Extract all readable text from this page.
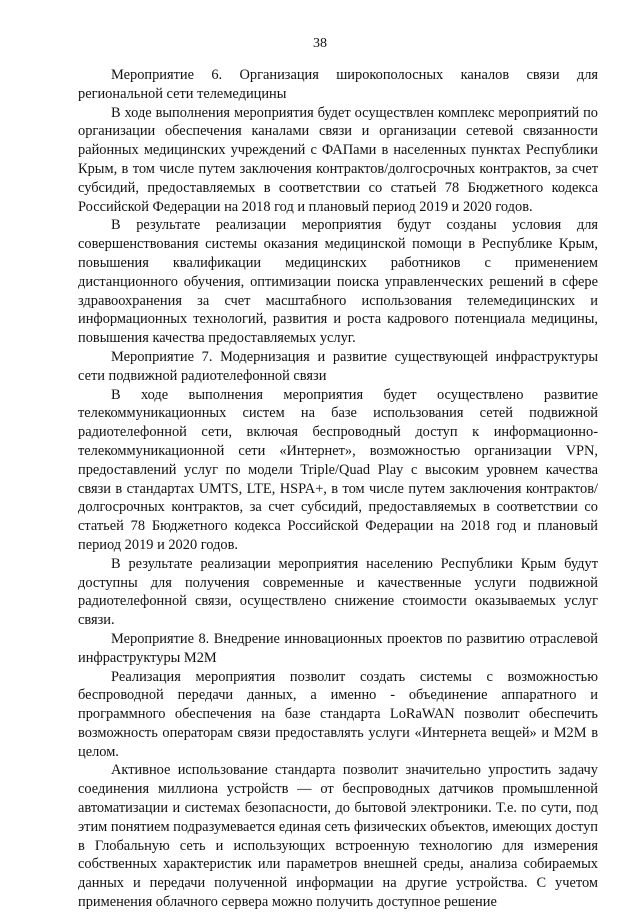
38

Мероприятие 6. Организация широкополосных каналов связи для региональной сети телемедицины

В ходе выполнения мероприятия будет осуществлен комплекс мероприятий по организации обеспечения каналами связи и организации сетевой связанности районных медицинских учреждений с ФАПами в населенных пунктах Республики Крым, в том числе путем заключения контрактов/долгосрочных контрактов, за счет субсидий, предоставляемых в соответствии со статьей 78 Бюджетного кодекса Российской Федерации на 2018 год и плановый период 2019 и 2020 годов.

В результате реализации мероприятия будут созданы условия для совершенствования системы оказания медицинской помощи в Республике Крым, повышения квалификации медицинских работников с применением дистанционного обучения, оптимизации поиска управленческих решений в сфере здравоохранения за счет масштабного использования телемедицинских и информационных технологий, развития и роста кадрового потенциала медицины, повышения качества предоставляемых услуг.

Мероприятие 7. Модернизация и развитие существующей инфраструктуры сети подвижной радиотелефонной связи

В ходе выполнения мероприятия будет осуществлено развитие телекоммуникационных систем на базе использования сетей подвижной радиотелефонной сети, включая беспроводный доступ к информационно-телекоммуникационной сети «Интернет», возможностью организации VPN, предоставлений услуг по модели Triple/Quad Play с высоким уровнем качества связи в стандартах UMTS, LTE, HSPA+, в том числе путем заключения контрактов/долгосрочных контрактов, за счет субсидий, предоставляемых в соответствии со статьей 78 Бюджетного кодекса Российской Федерации на 2018 год и плановый период 2019 и 2020 годов.

В результате реализации мероприятия населению Республики Крым будут доступны для получения современные и качественные услуги подвижной радиотелефонной связи, осуществлено снижение стоимости оказываемых услуг связи.

Мероприятие 8. Внедрение инновационных проектов по развитию отраслевой инфраструктуры M2M

Реализация мероприятия позволит создать системы с возможностью беспроводной передачи данных, а именно - объединение аппаратного и программного обеспечения на базе стандарта LoRaWAN позволит обеспечить возможность операторам связи предоставлять услуги «Интернета вещей» и M2M в целом.

Активное использование стандарта позволит значительно упростить задачу соединения миллиона устройств — от беспроводных датчиков промышленной автоматизации и системах безопасности, до бытовой электроники. Т.е. по сути, под этим понятием подразумевается единая сеть физических объектов, имеющих доступ в Глобальную сеть и использующих встроенную технологию для измерения собственных характеристик или параметров внешней среды, анализа собираемых данных и передачи полученной информации на другие устройства. С учетом применения облачного сервера можно получить доступное решение
